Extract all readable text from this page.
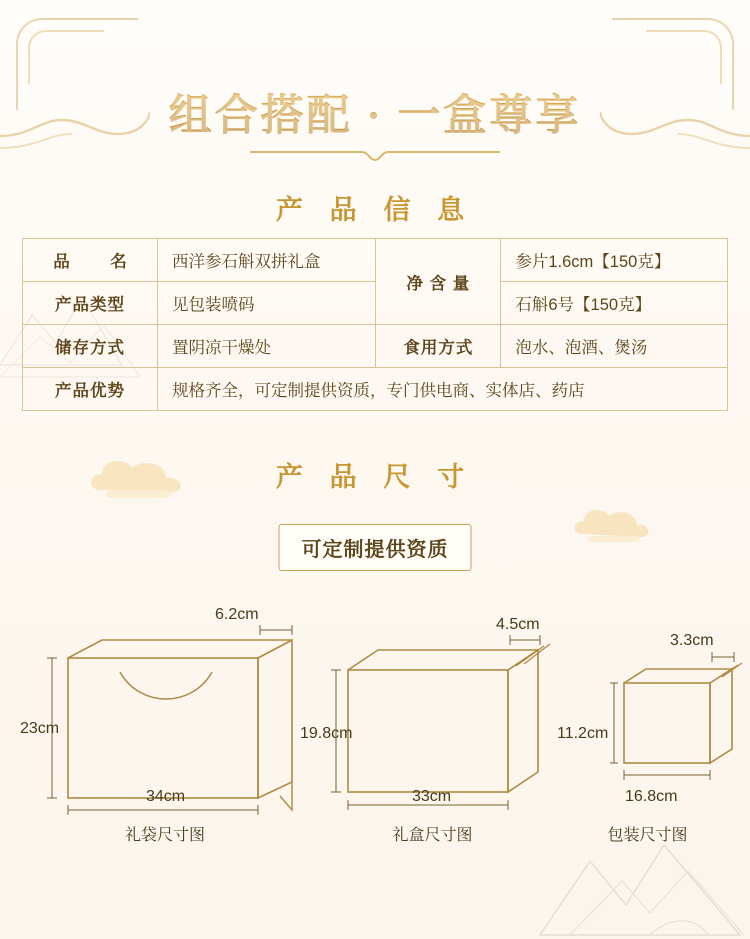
组合搭配 · 一盒尊享
产 品 信 息
品　名	西洋参石斛双拼礼盒	净 含 量	参片1.6cm【150克】
产品类型	见包装喷码		石斛6号【150克】
储存方式	置阴凉干燥处	食用方式	泡水、泡酒、煲汤
产品优势	规格齐全，可定制提供资质，专门供电商、实体店、药店		
产 品 尺 寸
可定制提供资质
23cm
34cm
6.2cm
19.8cm
33cm
4.5cm
11.2cm
16.8cm
3.3cm
礼袋尺寸图	礼盒尺寸图	包装尺寸图
